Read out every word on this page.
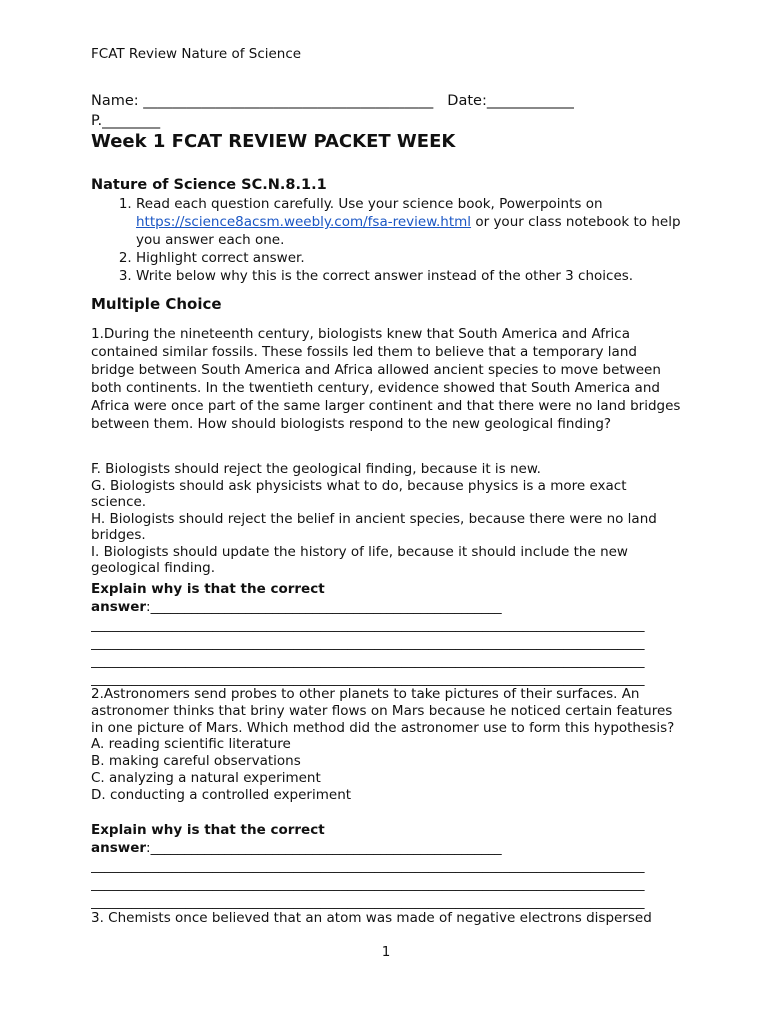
FCAT Review Nature of Science
Name: ________________________________________ Date:____________
P.________
Week 1 FCAT REVIEW PACKET WEEK
Nature of Science SC.N.8.1.1
1. Read each question carefully. Use your science book, Powerpoints on https://science8acsm.weebly.com/fsa-review.html or your class notebook to help you answer each one.
2. Highlight correct answer.
3. Write below why this is the correct answer instead of the other 3 choices.
Multiple Choice
1.During the nineteenth century, biologists knew that South America and Africa contained similar fossils. These fossils led them to believe that a temporary land bridge between South America and Africa allowed ancient species to move between both continents. In the twentieth century, evidence showed that South America and Africa were once part of the same larger continent and that there were no land bridges between them. How should biologists respond to the new geological finding?
F. Biologists should reject the geological finding, because it is new.
G. Biologists should ask physicists what to do, because physics is a more exact science.
H. Biologists should reject the belief in ancient species, because there were no land bridges.
I. Biologists should update the history of life, because it should include the new geological finding.
Explain why is that the correct
answer:____________________________________________________
__________________________________________________________________________________
__________________________________________________________________________________
__________________________________________________________________________________
__________________________________________________________________________________
2.Astronomers send probes to other planets to take pictures of their surfaces. An astronomer thinks that briny water flows on Mars because he noticed certain features in one picture of Mars. Which method did the astronomer use to form this hypothesis?
A. reading scientific literature
B. making careful observations
C. analyzing a natural experiment
D. conducting a controlled experiment
Explain why is that the correct
answer:____________________________________________________
__________________________________________________________________________________
__________________________________________________________________________________
__________________________________________________________________________________
3. Chemists once believed that an atom was made of negative electrons dispersed
1
